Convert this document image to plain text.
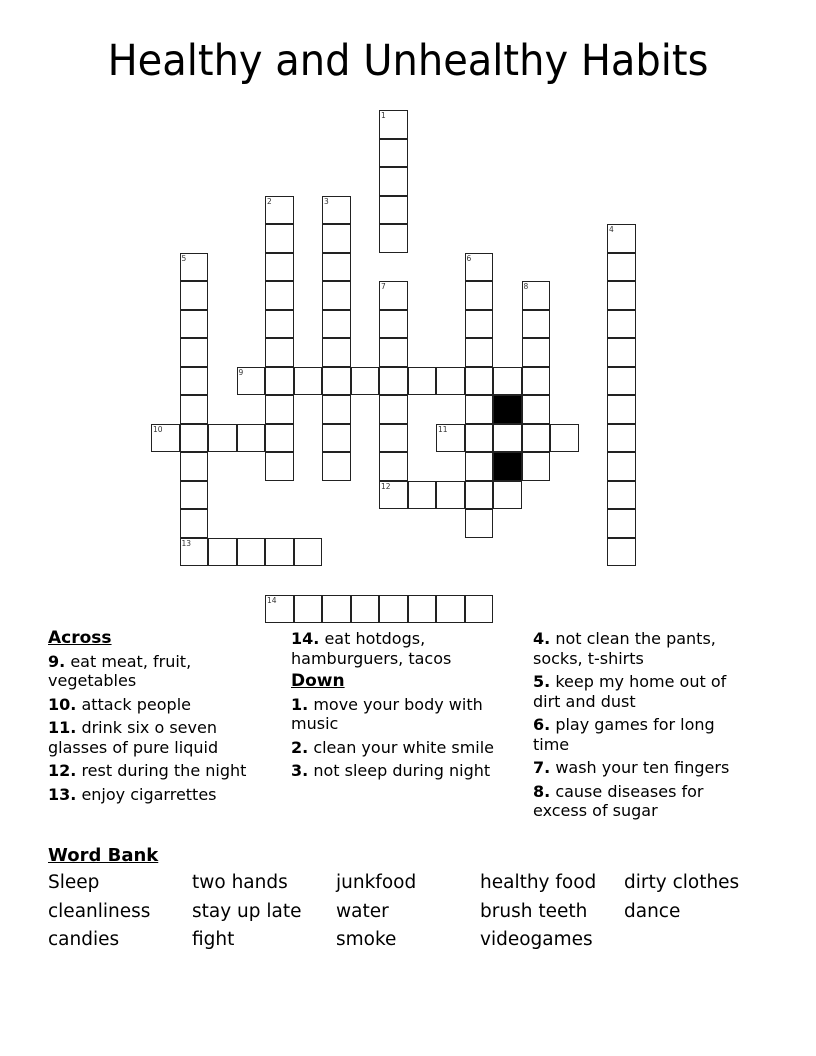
Healthy and Unhealthy Habits
1
2	3
4
5
13
6
7
12
8
9
10	11
14
Across
9. eat meat, fruit, vegetables
10. attack people
11. drink six o seven glasses of pure liquid
12. rest during the night
13. enjoy cigarrettes
14. eat hotdogs, hamburguers, tacos
Down
1. move your body with music
2. clean your white smile
3. not sleep during night
4. not clean the pants, socks, t-shirts
5. keep my home out of dirt and dust
6. play games for long time
7. wash your ten fingers
8. cause diseases for excess of sugar
Word Bank
Sleep	two hands	junkfood	healthy food	dirty clothes
cleanliness	stay up late	water	brush teeth	dance
candies	fight	smoke	videogames
